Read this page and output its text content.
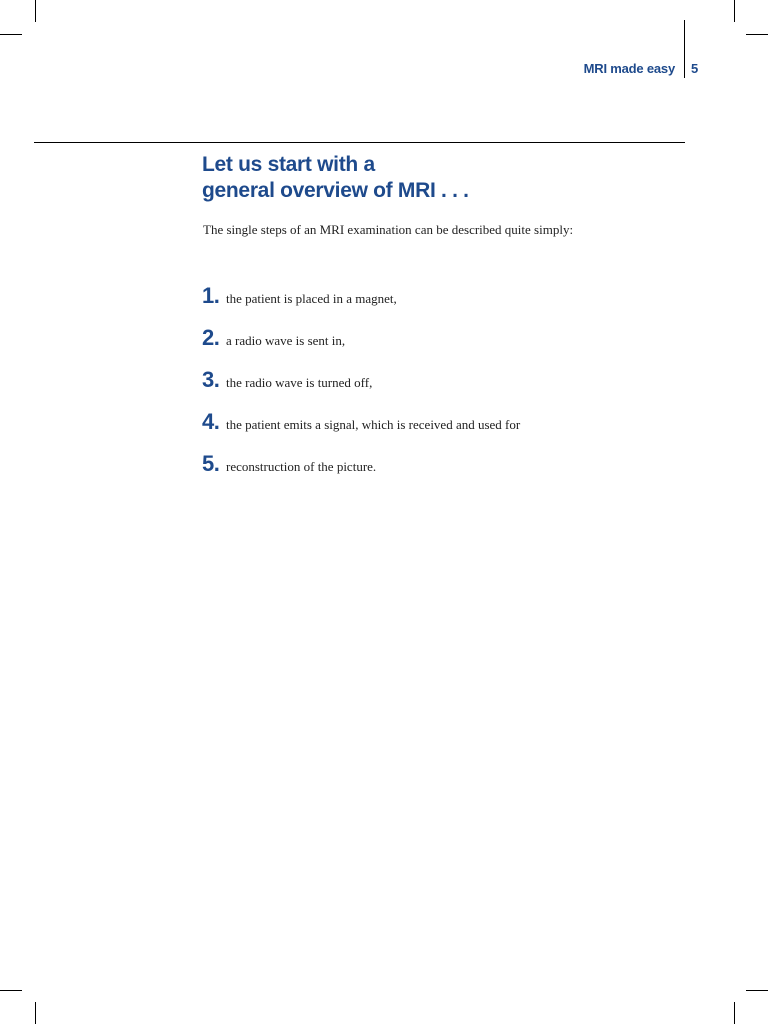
MRI made easy 5
Let us start with a
general overview of MRI . . .

The single steps of an MRI examination can be described quite simply:

1. the patient is placed in a magnet,
2. a radio wave is sent in,
3. the radio wave is turned off,
4. the patient emits a signal, which is received and used for
5. reconstruction of the picture.
